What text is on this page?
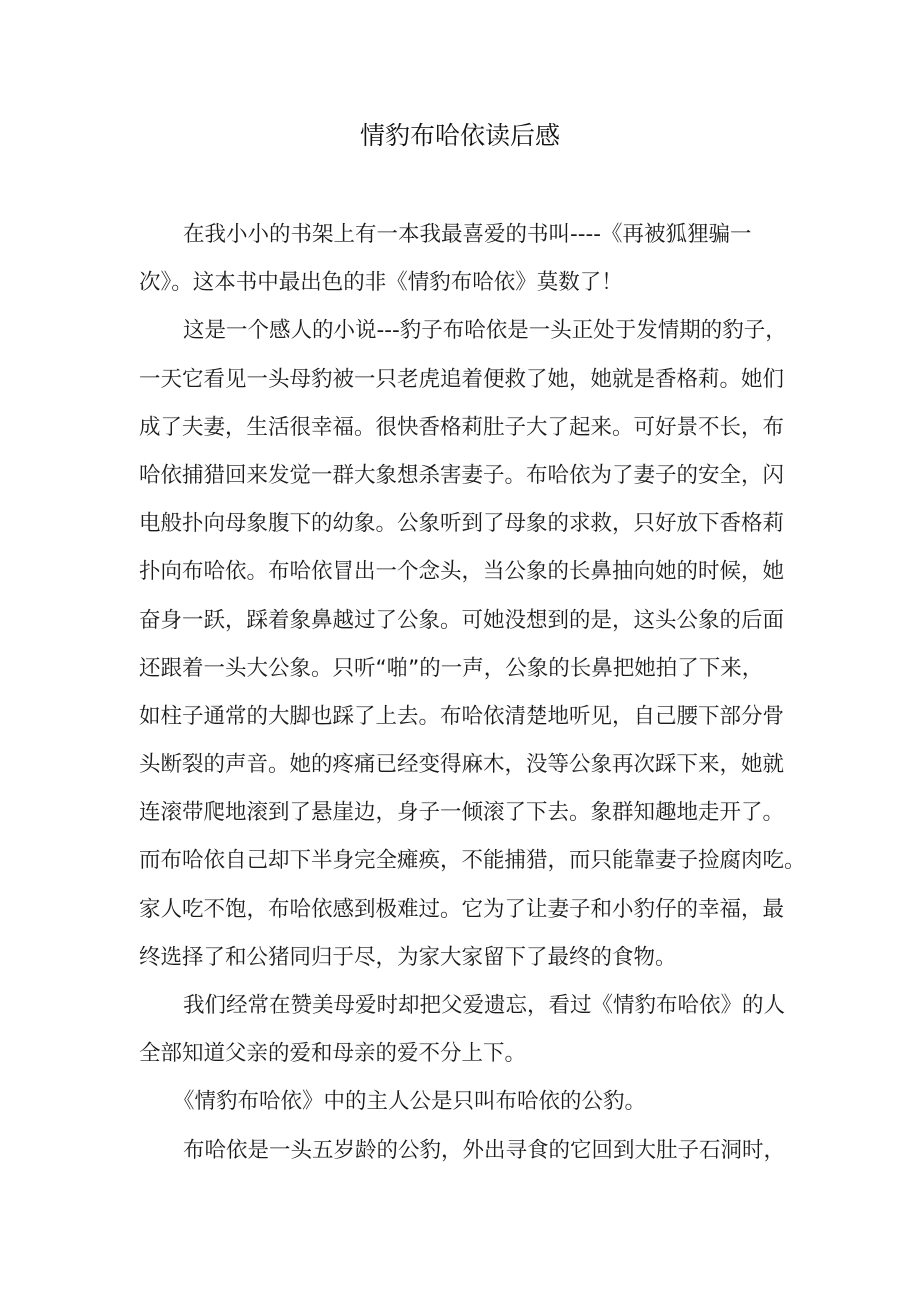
情豹布哈依读后感
在我小小的书架上有一本我最喜爱的书叫----《再被狐狸骗一
次》。这本书中最出色的非《情豹布哈依》莫数了！
这是一个感人的小说---豹子布哈依是一头正处于发情期的豹子，
一天它看见一头母豹被一只老虎追着便救了她，她就是香格莉。她们
成了夫妻，生活很幸福。很快香格莉肚子大了起来。可好景不长，布
哈依捕猎回来发觉一群大象想杀害妻子。布哈依为了妻子的安全，闪
电般扑向母象腹下的幼象。公象听到了母象的求救，只好放下香格莉
扑向布哈依。布哈依冒出一个念头，当公象的长鼻抽向她的时候，她
奋身一跃，踩着象鼻越过了公象。可她没想到的是，这头公象的后面
还跟着一头大公象。只听“啪”的一声，公象的长鼻把她拍了下来，
如柱子通常的大脚也踩了上去。布哈依清楚地听见，自己腰下部分骨
头断裂的声音。她的疼痛已经变得麻木，没等公象再次踩下来，她就
连滚带爬地滚到了悬崖边，身子一倾滚了下去。象群知趣地走开了。
而布哈依自己却下半身完全瘫痪，不能捕猎，而只能靠妻子捡腐肉吃。
家人吃不饱，布哈依感到极难过。它为了让妻子和小豹仔的幸福，最
终选择了和公猪同归于尽，为家大家留下了最终的食物。
我们经常在赞美母爱时却把父爱遗忘，看过《情豹布哈依》的人
全部知道父亲的爱和母亲的爱不分上下。
《情豹布哈依》中的主人公是只叫布哈依的公豹。
布哈依是一头五岁龄的公豹，外出寻食的它回到大肚子石洞时，
